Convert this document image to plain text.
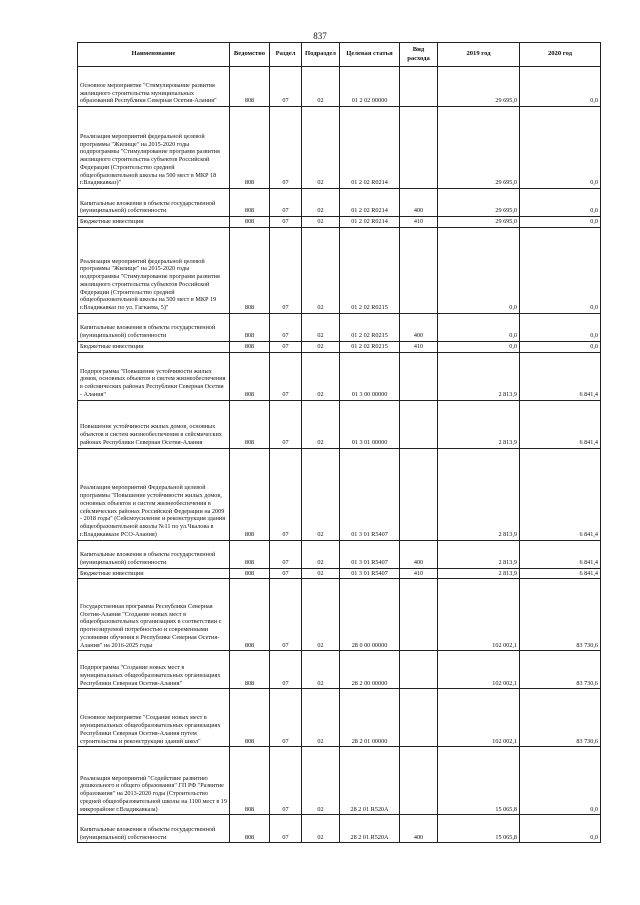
837
Наименование	Ведомство	Раздел	Подраздел	Целевая статья	Вид расхода	2019 год	2020 год
Основное мероприятие "Стимулирование развития жилищного строительства муниципальных образований Республики Северная Осетия-Алания"	808	07	02	01 2 02 00000		29 695,0	0,0
Реализация мероприятий федеральной целевой программы "Жилище" на 2015-2020 годы подпрограммы "Стимулирование программ развития жилищного строительства субъектов Российской Федерации (Строительство средней общеобразовательной школы на 500 мест в МКР 18 г.Владикавказ)"	808	07	02	01 2 02 R0214		29 695,0	0,0
Капитальные вложения в объекты государственной (муниципальной) собственности	808	07	02	01 2 02 R0214	400	29 695,0	0,0
Бюджетные инвестиции	808	07	02	01 2 02 R0214	410	29 695,0	0,0
Реализация мероприятий федеральной целевой программы "Жилище" на 2015-2020 годы подпрограммы "Стимулирование программ развития жилищного строительства субъектов Российской Федерации (Строительство средней общеобразовательной школы на 500 мест в МКР 19 г.Владикавказ по ул. Гагкаева, 5)"	808	07	02	01 2 02 R0215		0,0	0,0
Капитальные вложения в объекты государственной (муниципальной) собственности	808	07	02	01 2 02 R0215	400	0,0	0,0
Бюджетные инвестиции	808	07	02	01 2 02 R0215	410	0,0	0,0
Подпрограмма "Повышение устойчивости жилых домов, основных объектов и систем жизнеобеспечения в сейсмических районах Республики Северная Осетия - Алания"	808	07	02	01 3 00 00000		2 813,9	6 841,4
Повышение устойчивости жилых домов, основных объектов и систем жизнеобеспечения в сейсмических районах Республики Северная Осетия-Алания	808	07	02	01 3 01 00000		2 813,9	6 841,4
Реализация мероприятий Федеральной целевой программы "Повышение устойчивости жилых домов, основных объектов и систем жизнеобеспечения в сейсмических районах Российской Федерации на 2009 - 2018 годы" (Сейсмоусиление и реконструкция здания общеобразовательной школы №11 по ул.Чкалова в г.Владикавказе РСО-Алания)	808	07	02	01 3 01 R5407		2 813,9	6 841,4
Капитальные вложения в объекты государственной (муниципальной) собственности	808	07	02	01 3 01 R5407	400	2 813,9	6 841,4
Бюджетные инвестиции	808	07	02	01 3 01 R5407	410	2 813,9	6 841,4
Государственная программа Республики Северная Осетия-Алания "Создание новых мест в общеобразовательных организациях в соответствии с прогнозируемой потребностью и современными условиями обучения в Республике Северная Осетия-Алания" на 2016-2025 годы	808	07	02	28 0 00 00000		102 002,1	83 730,6
Подпрограмма "Создание новых мест в муниципальных общеобразовательных организациях Республики Северная Осетия-Алания"	808	07	02	28 2 00 00000		102 002,1	83 730,6
Основное мероприятие "Создание новых мест в муниципальных общеобразовательных организациях Республики Северная Осетия-Алания путем строительства и реконструкции зданий школ"	808	07	02	28 2 01 00000		102 002,1	83 730,6
Реализация мероприятий "Содействие развитию дошкольного и общего образования" ГП РФ "Развитие образования" на 2013-2020 годы (Строительство средней общеобразовательной школы на 1100 мест в 19 микрорайоне г.Владикавказа)	808	07	02	28 2 01 R520A		15 065,8	0,0
Капитальные вложения в объекты государственной (муниципальной) собственности	808	07	02	28 2 01 R520A	400	15 065,8	0,0
